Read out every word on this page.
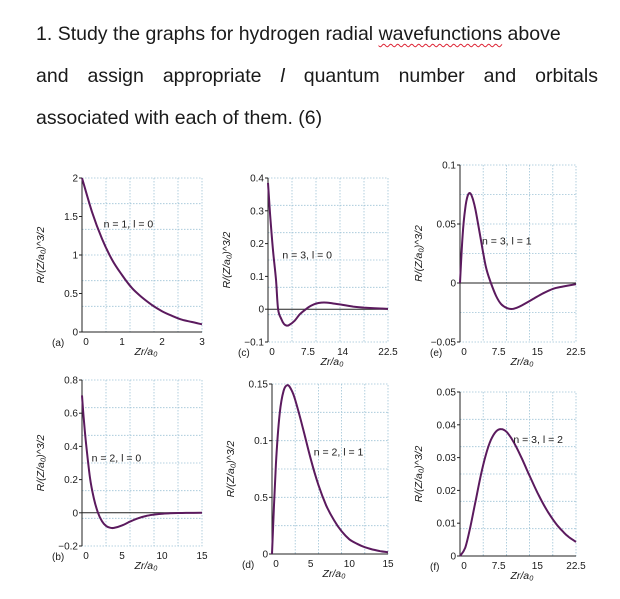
1. Study the graphs for hydrogen radial wavefunctions above
and assign appropriate l quantum number and orbitals
associated with each of them. (6)
0
0.5
1
1.5
2
0	1	2	3
(a)
Zr/a₀
R/(Z/a₀)^3/2
n = 1, l = 0
−0.1
0
0.1
0.2
0.3
0.4
0	7.5 14	22.5
(c)
Zr/a₀
R/(Z/a₀)^3/2	n = 3, l = 0
−0.05
0
0.05
0.1
0 7.5	15 22.5
(e)
Zr/a₀
R/(Z/a₀)^3/2	n = 3, l = 1
−0.2
0
0.2
0.4
0.6
0.8
0	5	10	15
(b)
Zr/a₀
R/(Z/a₀)^3/2	n = 2, l = 0
0
0.5
0.1
0.15
0	5	10	15
(d)
Zr/a₀
R/(Z/a₀)^3/2	n = 2, l = 1
0
0.01
0.02
0.03
0.04
0.05
0 7.5	15 22.5
(f)
Zr/a₀
R/(Z/a₀)^3/2
n = 3, l = 2
